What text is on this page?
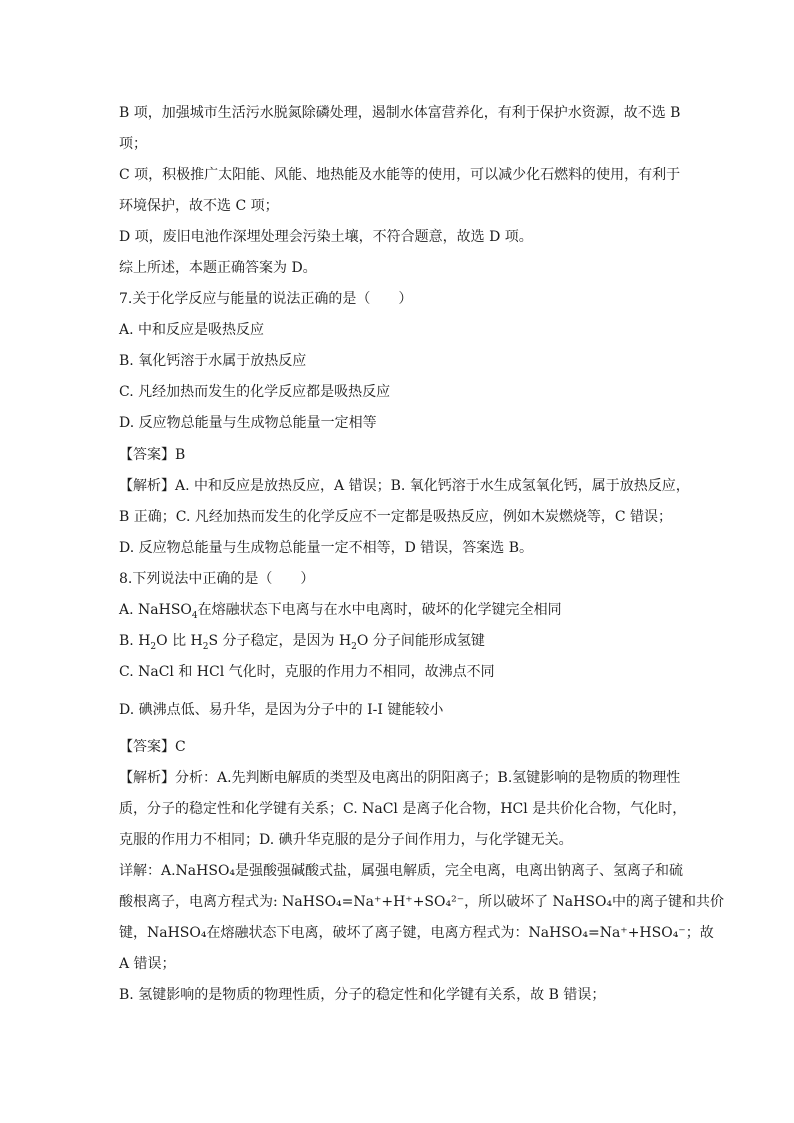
B 项，加强城市生活污水脱氮除磷处理，遏制水体富营养化，有利于保护水资源，故不选 B
项；
C 项，积极推广太阳能、风能、地热能及水能等的使用，可以减少化石燃料的使用，有利于
环境保护，故不选 C 项；
D 项，废旧电池作深埋处理会污染土壤，不符合题意，故选 D 项。
综上所述，本题正确答案为 D。
7.关于化学反应与能量的说法正确的是（　　）
A. 中和反应是吸热反应
B. 氧化钙溶于水属于放热反应
C. 凡经加热而发生的化学反应都是吸热反应
D. 反应物总能量与生成物总能量一定相等
【答案】B
【解析】A. 中和反应是放热反应，A 错误；B. 氧化钙溶于水生成氢氧化钙，属于放热反应，
B 正确；C. 凡经加热而发生的化学反应不一定都是吸热反应，例如木炭燃烧等，C 错误；
D. 反应物总能量与生成物总能量一定不相等，D 错误，答案选 B。
8.下列说法中正确的是（　　）
A. NaHSO$_4$在熔融状态下电离与在水中电离时，破坏的化学键完全相同
B. $H_2O$ 比 $H_2S$ 分子稳定，是因为 $H_2O$ 分子间能形成氢键
C. NaCl 和 HCl 气化时，克服的作用力不相同，故沸点不同
D. 碘沸点低、易升华，是因为分子中的 I-I 键能较小
【答案】C
【解析】分析：A.先判断电解质的类型及电离出的阴阳离子；B.氢键影响的是物质的物理性
质，分子的稳定性和化学键有关系；C. NaCl 是离子化合物，HCl 是共价化合物，气化时，
克服的作用力不相同；D. 碘升华克服的是分子间作用力，与化学键无关。
详解：A.NaHSO₄是强酸强碱酸式盐，属强电解质，完全电离，电离出钠离子、氢离子和硫
酸根离子，电离方程式为: NaHSO₄=Na⁺+H⁺+SO₄²⁻，所以破坏了 NaHSO₄中的离子键和共价
键，NaHSO₄在熔融状态下电离，破坏了离子键，电离方程式为：NaHSO₄=Na⁺+HSO₄⁻；故
A 错误；
B. 氢键影响的是物质的物理性质，分子的稳定性和化学键有关系，故 B 错误；
